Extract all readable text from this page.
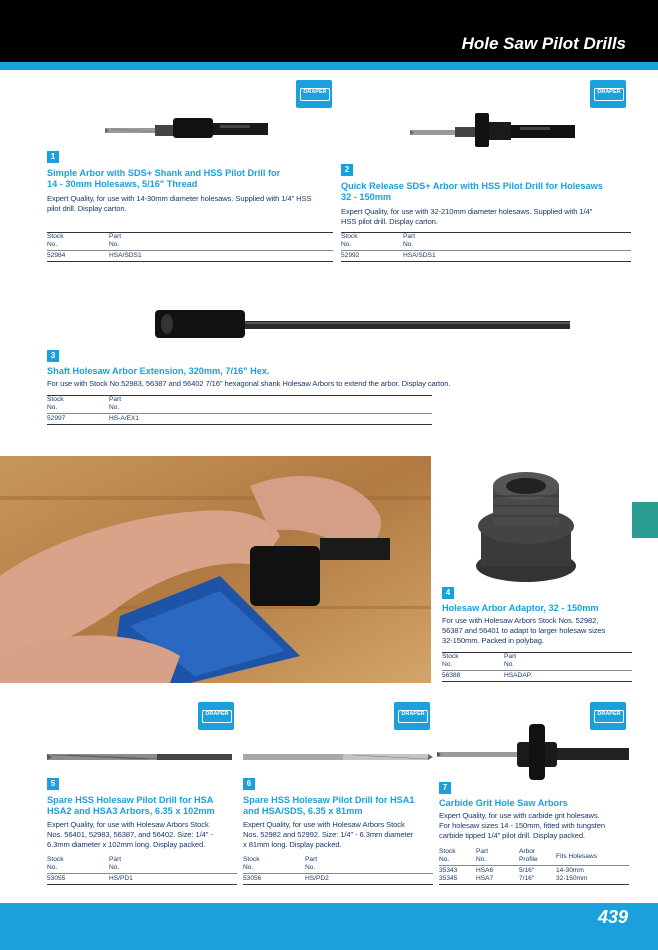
Hole Saw Pilot Drills
DRAPER	DRAPER
1
Simple Arbor with SDS+ Shank and HSS Pilot Drill for
14 - 30mm Holesaws, 5/16" Thread
Expert Quality, for use with 14-30mm diameter holesaws. Supplied with 1/4" HSS
pilot drill. Display carton.
Stock
No.
Part
No.
52984	HSA/SDS1
2
Quick Release SDS+ Arbor with HSS Pilot Drill for Holesaws
32 - 150mm
Expert Quality, for use with 32-210mm diameter holesaws. Supplied with 1/4"
HSS pilot drill. Display carton.
Stock
No.
Part
No.
52992	HSA/SDS1
3
Shaft Holesaw Arbor Extension, 320mm, 7/16" Hex.
For use with Stock No.52983, 56387 and 56402 7/16" hexagonal shank Holesaw Arbors to extend the arbor. Display carton.
Stock
No.
Part
No.
52997	HS-A/EX1
4
Holesaw Arbor Adaptor, 32 - 150mm
For use with Holesaw Arbors Stock Nos. 52982,
56387 and 56401 to adapt to larger holesaw sizes
32-150mm. Packed in polybag.
Stock
No.
Part
No.
56388	HSADAP.
DRAPER	DRAPER	DRAPER
5
Spare HSS Holesaw Pilot Drill for HSA
HSA2 and HSA3 Arbors, 6.35 x 102mm
Expert Quality, for use with Holesaw Arbors Stock
Nos. 56401, 52983, 56387, and 56402. Size: 1/4" -
6.3mm diameter x 102mm long. Display packed.
Stock
No.
Part
No.
53055	HS/PD1
6
Spare HSS Holesaw Pilot Drill for HSA1
and HSA/SDS, 6.35 x 81mm
Expert Quality, for use with Holesaw Arbors Stock
Nos. 52982 and 52992. Size: 1/4" - 6.3mm diameter
x 81mm long. Display packed.
Stock
No.
Part
No.
53056	HS/PD2
7
Carbide Grit Hole Saw Arbors
Expert Quality, for use with carbide grit holesaws.
For holesaw sizes 14 - 150mm, fitted with tungsten
carbide tipped 1/4" pilot drill. Display packed.
Stock
No.
Part
No.
Arbor
Profile	Fits Holesaws
35343	HSA6	5/16"	14-30mm
35345	HSA7	7/16"	32-150mm
439
